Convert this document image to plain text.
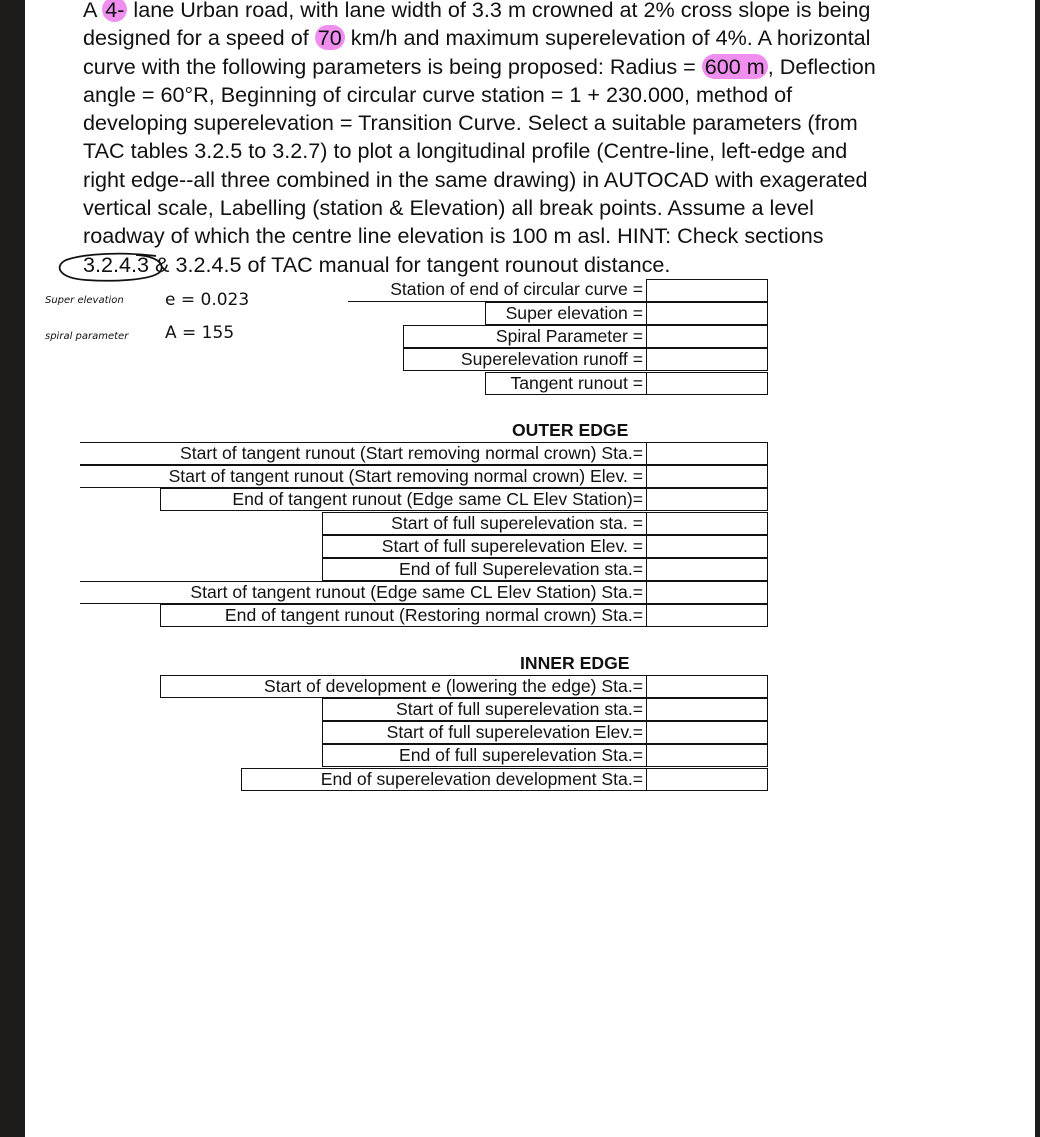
A 4- lane Urban road, with lane width of 3.3 m crowned at 2% cross slope is being
designed for a speed of 70 km/h and maximum superelevation of 4%. A horizontal
curve with the following parameters is being proposed: Radius = 600 m , Deflection
angle = 60°R, Beginning of circular curve station = 1 + 230.000, method of
developing superelevation = Transition Curve. Select a suitable parameters (from
TAC tables 3.2.5 to 3.2.7) to plot a longitudinal profile (Centre-line, left-edge and
right edge--all three combined in the same drawing) in AUTOCAD with exagerated
vertical scale, Labelling (station & Elevation) all break points. Assume a level
roadway of which the centre line elevation is 100 m asl. HINT: Check sections
3.2.4.3 & 3.2.4.5 of TAC manual for tangent rounout distance.
Super elevation e = 0.023
spiral parameter A = 155
Station of end of circular curve =
Super elevation =
Spiral Parameter =
Superelevation runoff =
Tangent runout =
OUTER EDGE
Start of tangent runout (Start removing normal crown) Sta.=
Start of tangent runout (Start removing normal crown) Elev. =
End of tangent runout (Edge same CL Elev Station)=
Start of full superelevation sta. =
Start of full superelevation Elev. =
End of full Superelevation sta.=
Start of tangent runout (Edge same CL Elev Station) Sta.=
End of tangent runout (Restoring normal crown) Sta.=
INNER EDGE
Start of development e (lowering the edge) Sta.=
Start of full superelevation sta.=
Start of full superelevation Elev.=
End of full superelevation Sta.=
End of superelevation development Sta.=
